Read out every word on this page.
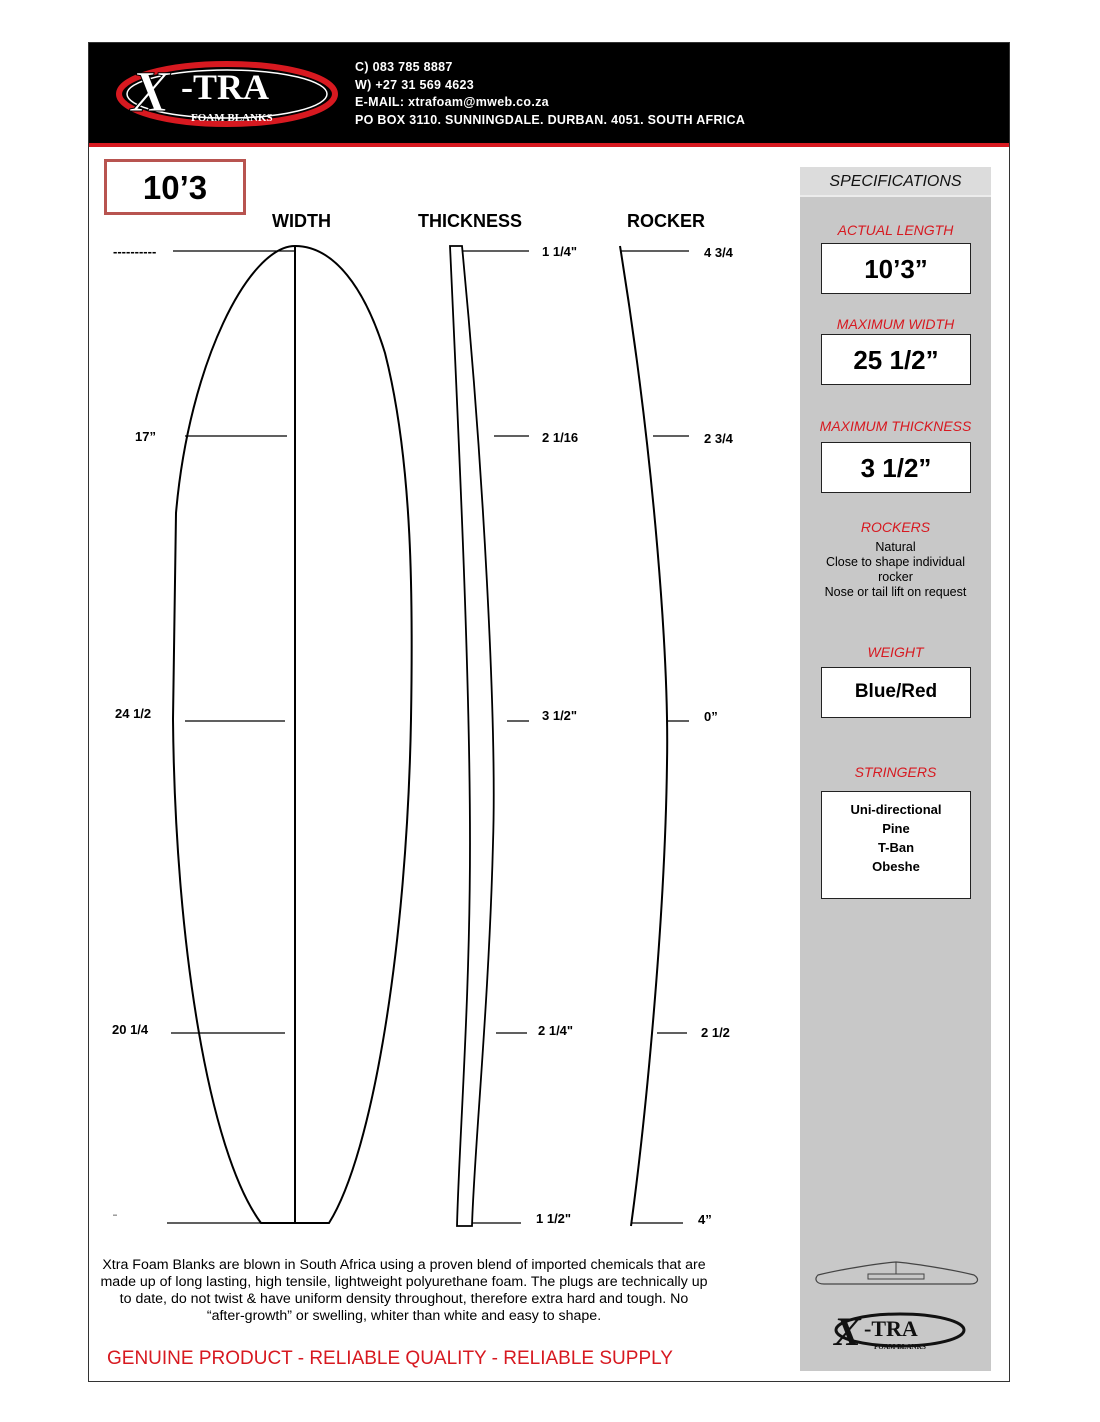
X -TRA
FOAM BLANKS
C) 083 785 8887
W) +27 31 569 4623
E-MAIL: xtrafoam@mweb.co.za
PO BOX 3110. SUNNINGDALE. DURBAN. 4051. SOUTH AFRICA
10’3
WIDTH	THICKNESS	ROCKER
----------
17”
24 1/2
20 1/4
--
1 1/4"
2 1/16
3 1/2"
2 1/4"
1 1/2"
4 3/4
2 3/4
0”
2 1/2
4”
SPECIFICATIONS
ACTUAL LENGTH
10’3”
MAXIMUM WIDTH
25 1/2”
MAXIMUM THICKNESS
3 1/2”
ROCKERS
Natural
Close to shape individual
rocker
Nose or tail lift on request
WEIGHT
Blue/Red
STRINGERS
Uni-directional
Pine
T-Ban
Obeshe
X -TRA
FOAM BLANKS
Xtra Foam Blanks are blown in South Africa using a proven blend of imported chemicals that are made up of long lasting, high tensile, lightweight polyurethane foam. The plugs are technically up to date, do not twist & have uniform density throughout, therefore extra hard and tough. No “after-growth” or swelling, whiter than white and easy to shape.
GENUINE PRODUCT - RELIABLE QUALITY - RELIABLE SUPPLY
